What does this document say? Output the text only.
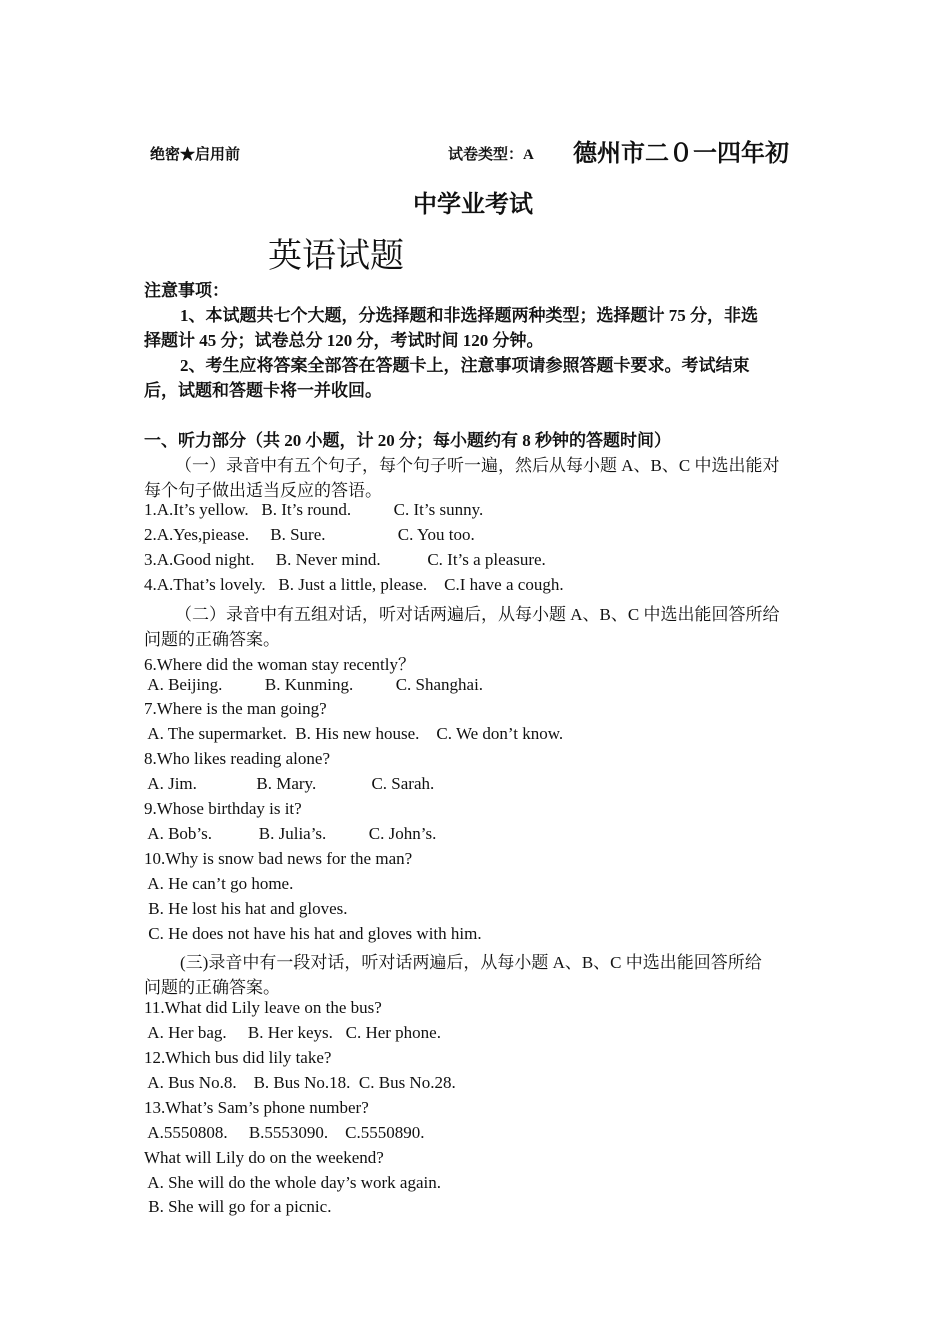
绝密★启用前	试卷类型：A 德州市二０一四年初
中学业考试
英语试题
注意事项：
1、本试题共七个大题，分选择题和非选择题两种类型；选择题计 75 分，非选
择题计 45 分；试卷总分 120 分，考试时间 120 分钟。
2、考生应将答案全部答在答题卡上，注意事项请参照答题卡要求。考试结束
后，试题和答题卡将一并收回。
一、听力部分（共 20 小题，计 20 分；每小题约有 8 秒钟的答题时间）
（一）录音中有五个句子，每个句子听一遍，然后从每小题 A、B、C 中选出能对
每个句子做出适当反应的答语。
1.A.It’s yellow.   B. It’s round.          C. It’s sunny.
2.A.Yes,piease.     B. Sure.                 C. You too.
3.A.Good night.     B. Never mind.           C. It’s a pleasure.
4.A.That’s lovely.   B. Just a little, please.    C.I have a cough.
（二）录音中有五组对话，听对话两遍后，从每小题 A、B、C 中选出能回答所给
问题的正确答案。
6.Where did the woman stay recently？
A. Beijing.          B. Kunming.          C. Shanghai.
7.Where is the man going?
A. The supermarket.  B. His new house.    C. We don’t know.
8.Who likes reading alone?
A. Jim.              B. Mary.             C. Sarah.
9.Whose birthday is it?
A. Bob’s.           B. Julia’s.          C. John’s.
10.Why is snow bad news for the man?
A. He can’t go home.
B. He lost his hat and gloves.
C. He does not have his hat and gloves with him.
(三)录音中有一段对话，听对话两遍后，从每小题 A、B、C 中选出能回答所给
问题的正确答案。
11.What did Lily leave on the bus?
A. Her bag.     B. Her keys.   C. Her phone.
12.Which bus did lily take?
A. Bus No.8.    B. Bus No.18.  C. Bus No.28.
13.What’s Sam’s phone number?
A.5550808.     B.5553090.    C.5550890.
What will Lily do on the weekend?
A. She will do the whole day’s work again.
B. She will go for a picnic.
